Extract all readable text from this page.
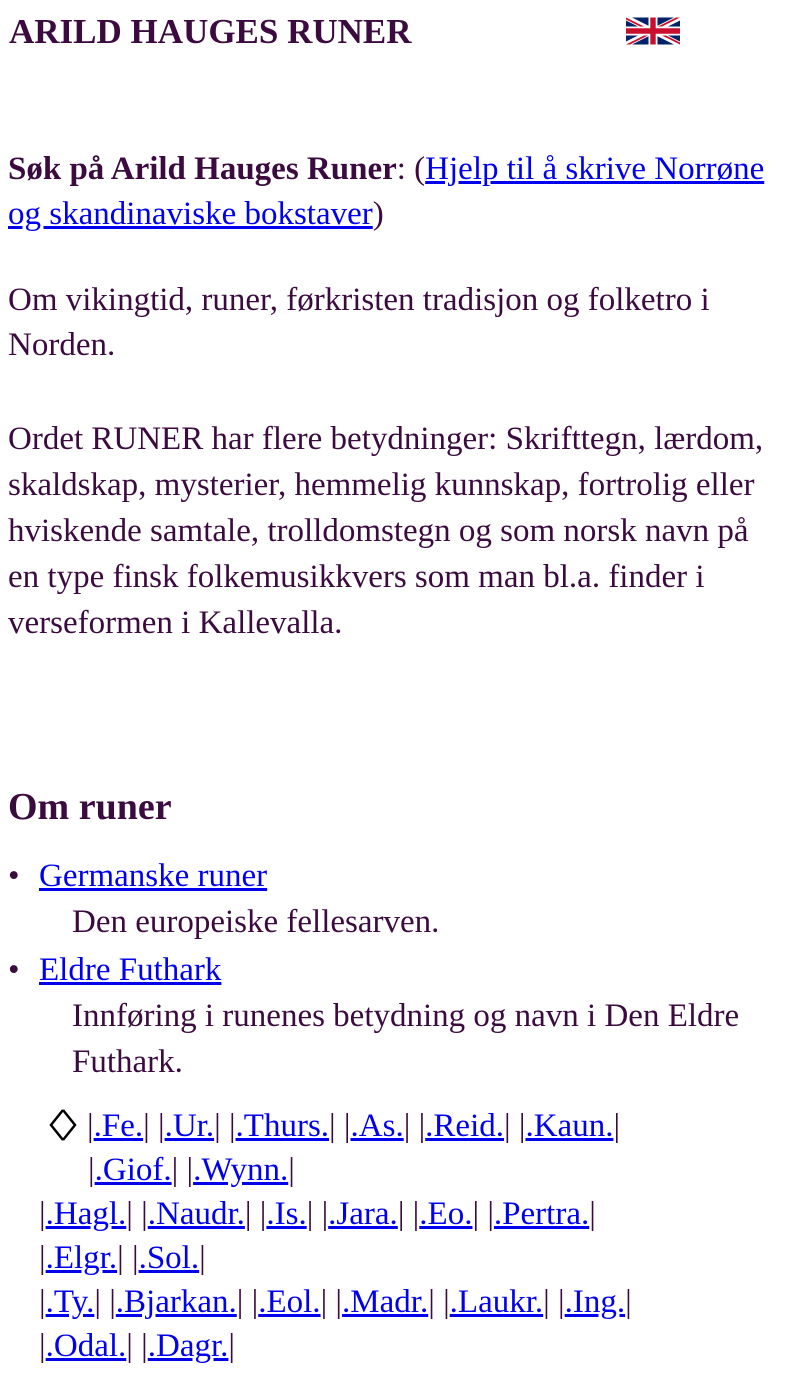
ARILD HAUGES RUNER

Søk på Arild Hauges Runer: (Hjelp til å skrive Norrøne og skandinaviske bokstaver)

Om vikingtid, runer, førkristen tradisjon og folketro i Norden.

Ordet RUNER har flere betydninger: Skrifttegn, lærdom, skaldskap, mysterier, hemmelig kunnskap, fortrolig eller hviskende samtale, trolldomstegn og som norsk navn på en type finsk folkemusikkvers som man bl.a. finder i verseformen i Kallevalla.

Om runer
• Germanske runer
Den europeiske fellesarven.
• Eldre Futhark
Innføring i runenes betydning og navn i Den Eldre Futhark.
|.Fe.| |.Ur.| |.Thurs.| |.As.| |.Reid.| |.Kaun.|
|.Giof.| |.Wynn.|
|.Hagl.| |.Naudr.| |.Is.| |.Jara.| |.Eo.| |.Pertra.|
|.Elgr.| |.Sol.|
|.Ty.| |.Bjarkan.| |.Eol.| |.Madr.| |.Laukr.| |.Ing.|
|.Odal.| |.Dagr.|
